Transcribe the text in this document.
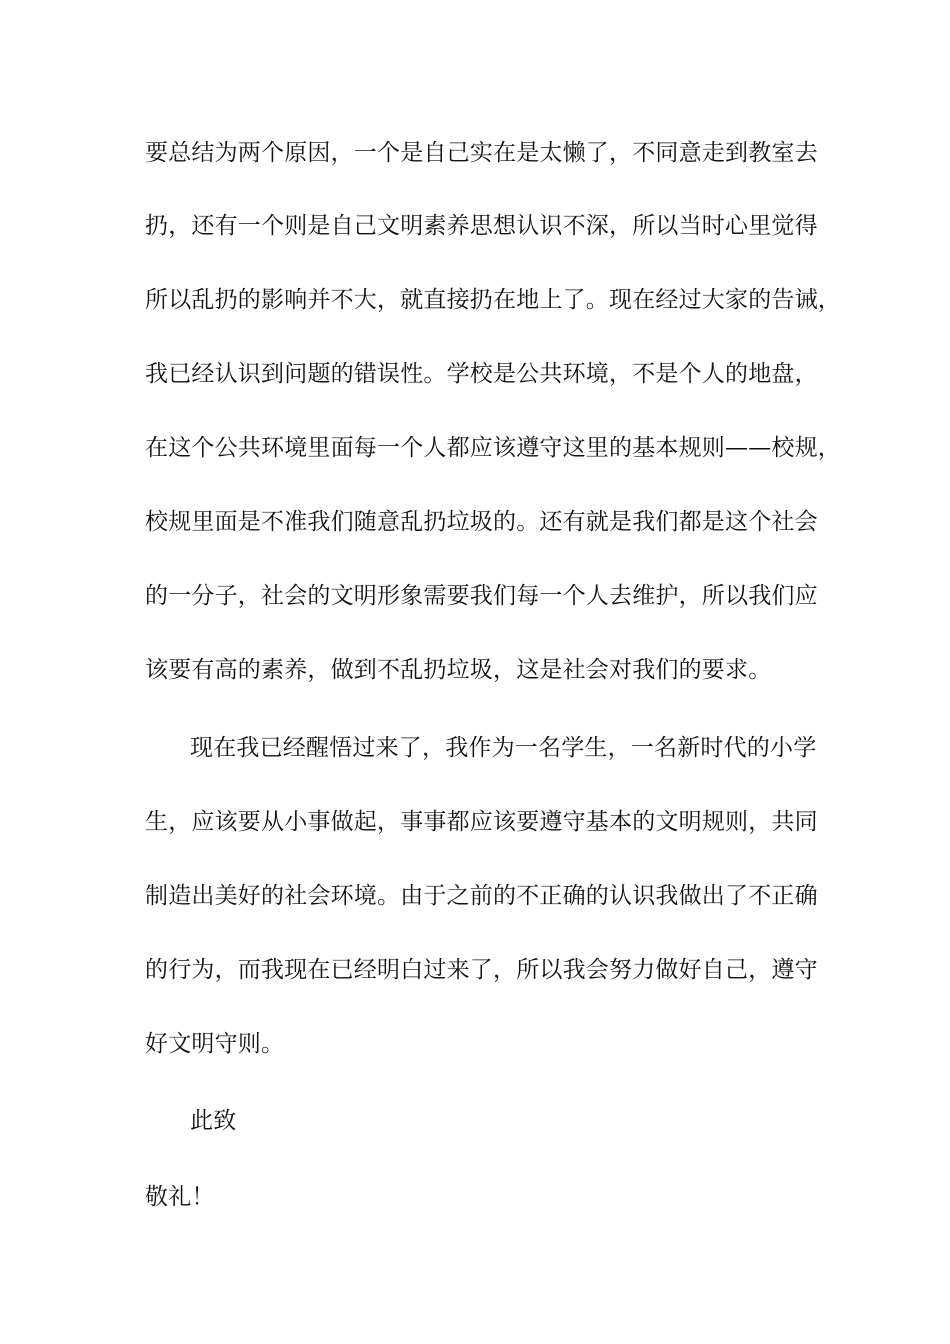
要总结为两个原因，一个是自己实在是太懒了，不同意走到教室去
扔，还有一个则是自己文明素养思想认识不深，所以当时心里觉得
所以乱扔的影响并不大，就直接扔在地上了。现在经过大家的告诫，
我已经认识到问题的错误性。学校是公共环境，不是个人的地盘，
在这个公共环境里面每一个人都应该遵守这里的基本规则——校规，
校规里面是不准我们随意乱扔垃圾的。还有就是我们都是这个社会
的一分子，社会的文明形象需要我们每一个人去维护，所以我们应
该要有高的素养，做到不乱扔垃圾，这是社会对我们的要求。
现在我已经醒悟过来了，我作为一名学生，一名新时代的小学
生，应该要从小事做起，事事都应该要遵守基本的文明规则，共同
制造出美好的社会环境。由于之前的不正确的认识我做出了不正确
的行为，而我现在已经明白过来了，所以我会努力做好自己，遵守
好文明守则。
此致
敬礼！
